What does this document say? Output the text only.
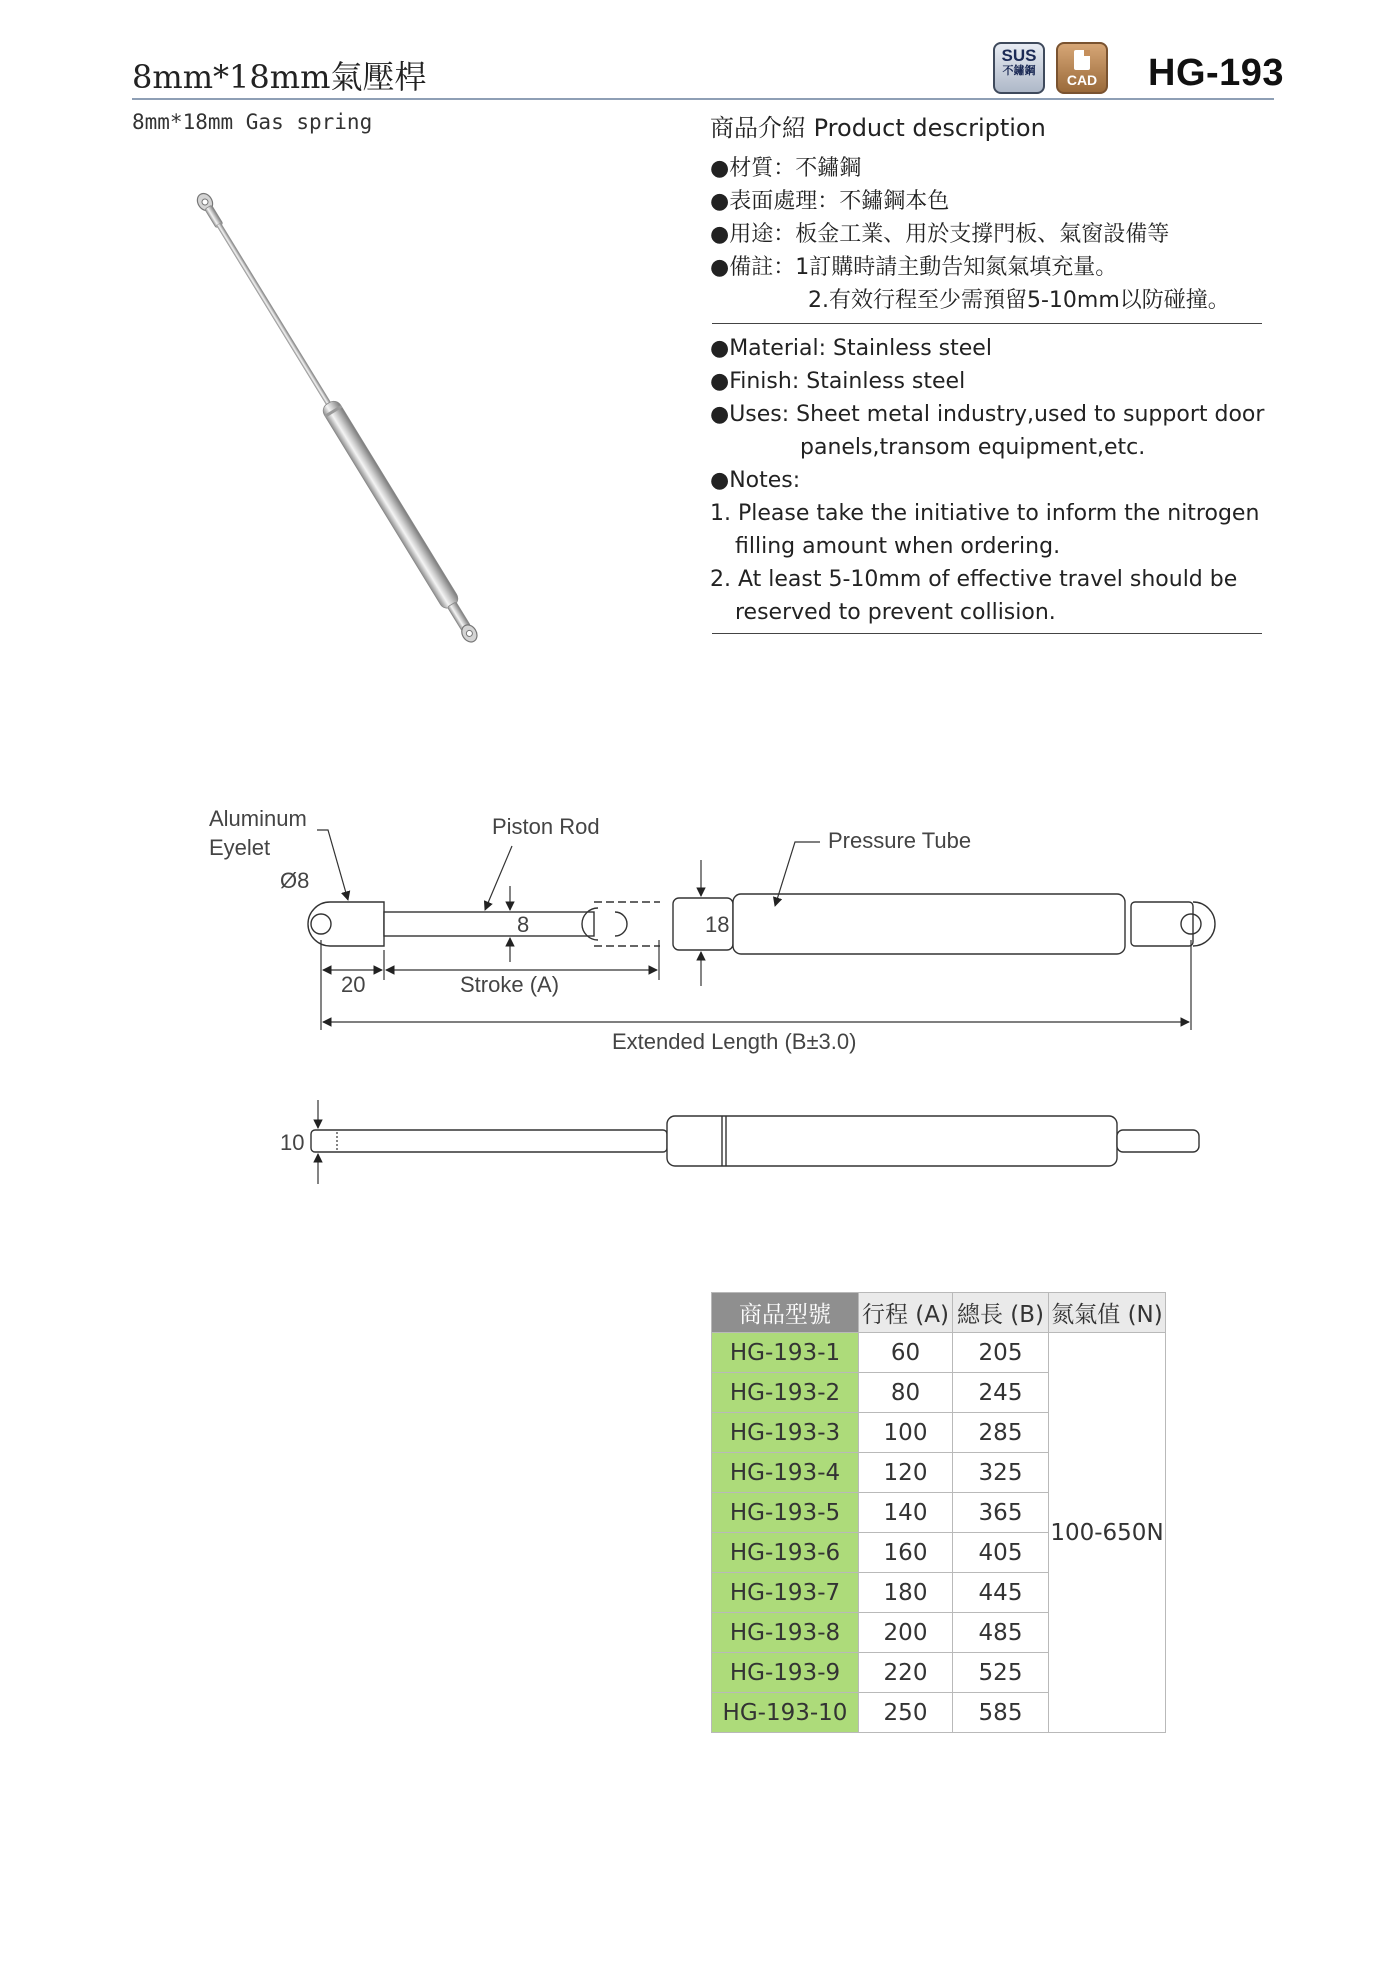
8mm*18mm氣壓桿
8mm*18mm Gas spring
SUS
不鏽鋼
CAD HG-193
商品介紹 Product description
●材質：不鏽鋼
●表面處理：不鏽鋼本色
●用途：板金工業、用於支撐門板、氣窗設備等
●備註：1訂購時請主動告知氮氣填充量。
2.有效行程至少需預留5-10mm以防碰撞。
●Material: Stainless steel
●Finish: Stainless steel
●Uses: Sheet metal industry,used to support door
panels,transom equipment,etc.
●Notes:
1. Please take the initiative to inform the nitrogen
filling amount when ordering.
2. At least 5-10mm of effective travel should be
reserved to prevent collision.
Aluminum
Eyelet
Ø8
Piston Rod
Pressure Tube
8	18
20	Stroke (A)
Extended Length (B±3.0)
10
商品型號	行程 (A)	總長 (B)	氮氣值 (N)
HG-193-1	60	205	100-650N
HG-193-2	80	245	
HG-193-3	100	285	
HG-193-4	120	325	
HG-193-5	140	365	
HG-193-6	160	405	
HG-193-7	180	445	
HG-193-8	200	485	
HG-193-9	220	525	
HG-193-10	250	585	
